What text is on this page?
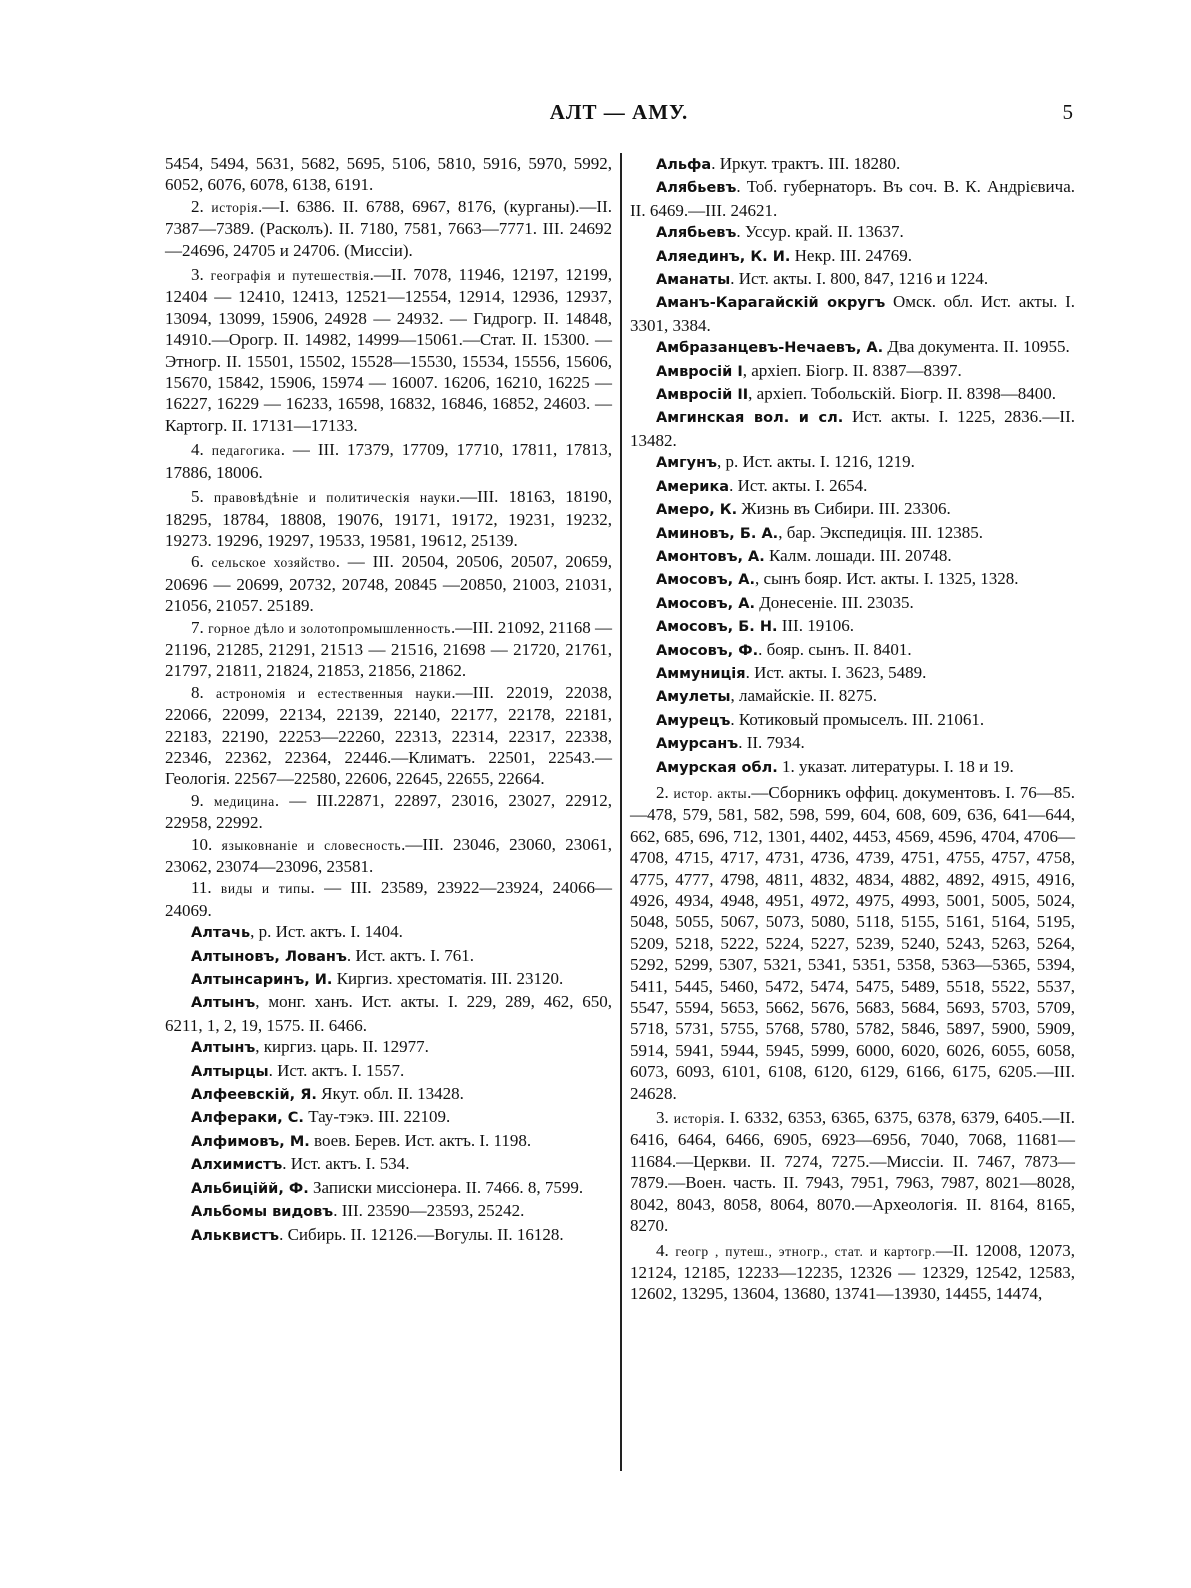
АЛТ — АМУ.	5

5454, 5494, 5631, 5682, 5695, 5106, 5810, 5916, 5970, 5992, 6052, 6076, 6078, 6138, 6191.

2. исторія.—I. 6386. II. 6788, 6967, 8176, (курганы).—II. 7387—7389. (Расколъ). II. 7180, 7581, 7663—7771. III. 24692—24696, 24705 и 24706. (Миссіи).

3. географія и путешествія.—II. 7078, 11946, 12197, 12199, 12404 — 12410, 12413, 12521—12554, 12914, 12936, 12937, 13094, 13099, 15906, 24928 — 24932. — Гидрогр. II. 14848, 14910.—Орогр. II. 14982, 14999—15061.—Стат. II. 15300. — Этногр. II. 15501, 15502, 15528—15530, 15534, 15556, 15606, 15670, 15842, 15906, 15974 — 16007. 16206, 16210, 16225 — 16227, 16229 — 16233, 16598, 16832, 16846, 16852, 24603. — Картогр. II. 17131—17133.

4. педагогика. — III. 17379, 17709, 17710, 17811, 17813, 17886, 18006.

5. правовѣдѣніе и политическія науки.—III. 18163, 18190, 18295, 18784, 18808, 19076, 19171, 19172, 19231, 19232, 19273. 19296, 19297, 19533, 19581, 19612, 25139.

6. сельское хозяйство. — III. 20504, 20506, 20507, 20659, 20696 — 20699, 20732, 20748, 20845 —20850, 21003, 21031, 21056, 21057. 25189.

7. горное дѣло и золотопромышленность.—III. 21092, 21168 — 21196, 21285, 21291, 21513 — 21516, 21698 — 21720, 21761, 21797, 21811, 21824, 21853, 21856, 21862.

8. астрономія и естественныя науки.—III. 22019, 22038, 22066, 22099, 22134, 22139, 22140, 22177, 22178, 22181, 22183, 22190, 22253—22260, 22313, 22314, 22317, 22338, 22346, 22362, 22364, 22446.—Климатъ. 22501, 22543.—Геологія. 22567—22580, 22606, 22645, 22655, 22664.

9. медицина. — III.22871, 22897, 23016, 23027, 22912, 22958, 22992.

10. языковнаніе и словесность.—III. 23046, 23060, 23061, 23062, 23074—23096, 23581.

11. виды и типы. — III. 23589, 23922—23924, 24066—24069.

Алтачь, р. Ист. актъ. I. 1404.

Алтыновъ, Лованъ. Ист. актъ. I. 761.

Алтынсаринъ, И. Киргиз. хрестоматія. III. 23120.

Алтынъ, монг. ханъ. Ист. акты. I. 229, 289, 462, 650, 6211, 1, 2, 19, 1575. II. 6466.

Алтынъ, киргиз. царь. II. 12977.

Алтырцы. Ист. актъ. I. 1557.

Алфеевскій, Я. Якут. обл. II. 13428.

Алфераки, С. Тау-тэкэ. III. 22109.

Алфимовъ, М. воев. Берев. Ист. актъ. I. 1198.

Алхимистъ. Ист. актъ. I. 534.

Альбиційй, Ф. Записки миссіонера. II. 7466. 8, 7599.

Альбомы видовъ. III. 23590—23593, 25242.

Альквистъ. Сибирь. II. 12126.—Вогулы. II. 16128.

Альфа. Иркут. трактъ. III. 18280.

Алябьевъ. Тоб. губернаторъ. Въ соч. В. К. Андрієвича. II. 6469.—III. 24621.

Алябьевъ. Уссур. край. II. 13637.

Аляединъ, К. И. Некр. III. 24769.

Аманаты. Ист. акты. I. 800, 847, 1216 и 1224.

Аманъ-Карагайскій округъ Омск. обл. Ист. акты. I. 3301, 3384.

Амбразанцевъ-Нечаевъ, А. Два документа. II. 10955.

Амвросій I, архіеп. Біогр. II. 8387—8397.

Амвросій II, архіеп. Тобольскій. Біогр. II. 8398—8400.

Амгинская вол. и сл. Ист. акты. I. 1225, 2836.—II. 13482.

Амгунъ, р. Ист. акты. I. 1216, 1219.

Америка. Ист. акты. I. 2654.

Амеро, К. Жизнь въ Сибири. III. 23306.

Аминовъ, Б. А., бар. Экспедиція. III. 12385.

Амонтовъ, А. Калм. лошади. III. 20748.

Амосовъ, А., сынъ бояр. Ист. акты. I. 1325, 1328.

Амосовъ, А. Донесеніе. III. 23035.

Амосовъ, Б. Н. III. 19106.

Амосовъ, Ф.. бояр. сынъ. II. 8401.

Аммуниція. Ист. акты. I. 3623, 5489.

Амулеты, ламайскіе. II. 8275.

Амурецъ. Котиковый промыселъ. III. 21061.

Амурсанъ. II. 7934.

Амурская обл. 1. указат. литературы. I. 18 и 19.

2. истор. акты.—Сборникъ оффиц. документовъ. I. 76—85.—478, 579, 581, 582, 598, 599, 604, 608, 609, 636, 641—644, 662, 685, 696, 712, 1301, 4402, 4453, 4569, 4596, 4704, 4706—4708, 4715, 4717, 4731, 4736, 4739, 4751, 4755, 4757, 4758, 4775, 4777, 4798, 4811, 4832, 4834, 4882, 4892, 4915, 4916, 4926, 4934, 4948, 4951, 4972, 4975, 4993, 5001, 5005, 5024, 5048, 5055, 5067, 5073, 5080, 5118, 5155, 5161, 5164, 5195, 5209, 5218, 5222, 5224, 5227, 5239, 5240, 5243, 5263, 5264, 5292, 5299, 5307, 5321, 5341, 5351, 5358, 5363—5365, 5394, 5411, 5445, 5460, 5472, 5474, 5475, 5489, 5518, 5522, 5537, 5547, 5594, 5653, 5662, 5676, 5683, 5684, 5693, 5703, 5709, 5718, 5731, 5755, 5768, 5780, 5782, 5846, 5897, 5900, 5909, 5914, 5941, 5944, 5945, 5999, 6000, 6020, 6026, 6055, 6058, 6073, 6093, 6101, 6108, 6120, 6129, 6166, 6175, 6205.—III. 24628.

3. исторія. I. 6332, 6353, 6365, 6375, 6378, 6379, 6405.—II. 6416, 6464, 6466, 6905, 6923—6956, 7040, 7068, 11681—11684.—Церкви. II. 7274, 7275.—Миссіи. II. 7467, 7873—7879.—Воен. часть. II. 7943, 7951, 7963, 7987, 8021—8028, 8042, 8043, 8058, 8064, 8070.—Археологія. II. 8164, 8165, 8270.

4. геогр , путеш., этногр., стат. и картогр.—II. 12008, 12073, 12124, 12185, 12233—12235, 12326 — 12329, 12542, 12583, 12602, 13295, 13604, 13680, 13741—13930, 14455, 14474,
